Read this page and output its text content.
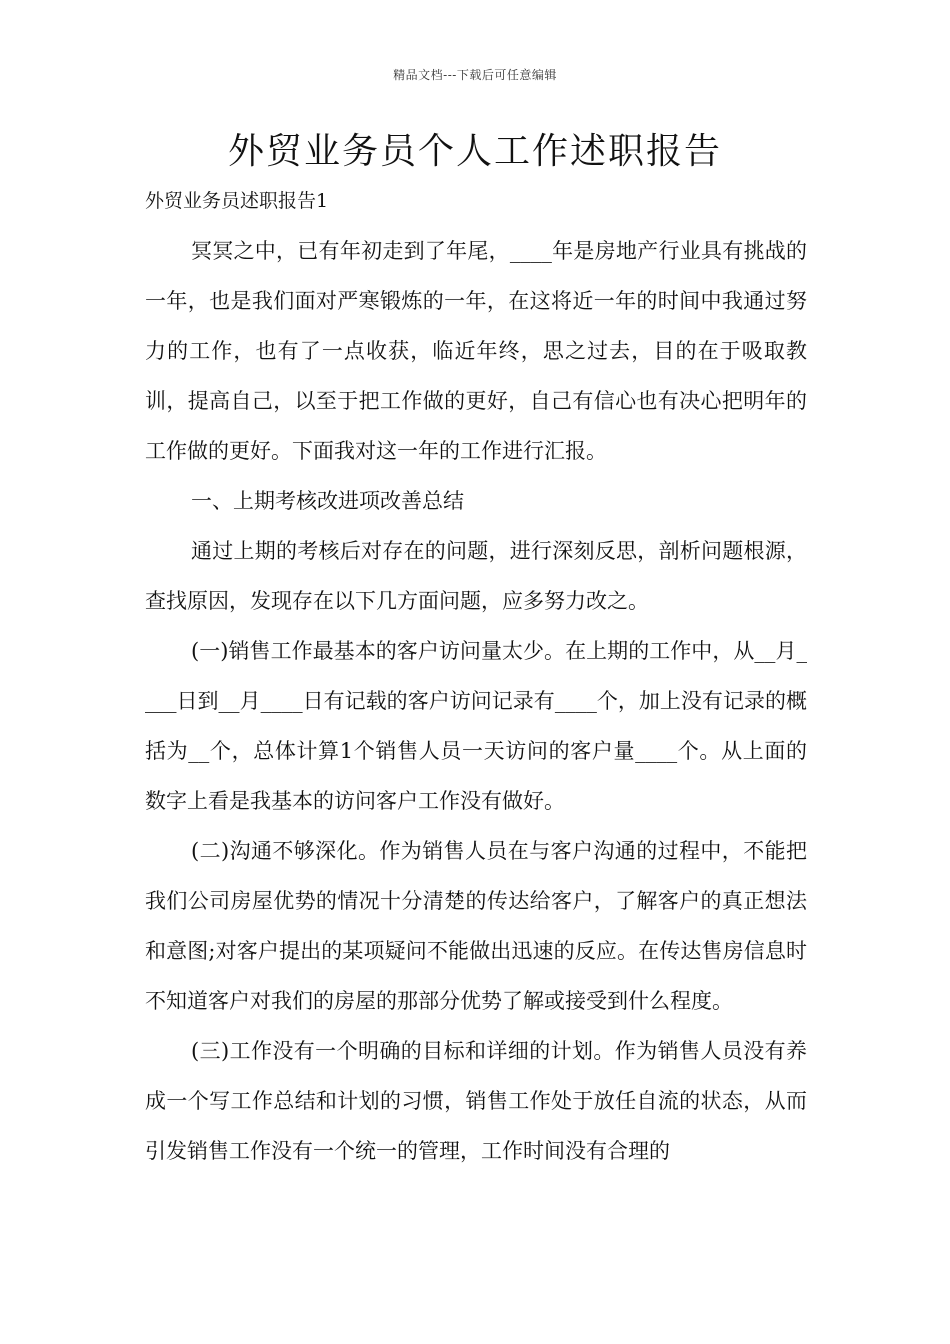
精品文档---下载后可任意编辑
外贸业务员个人工作述职报告
外贸业务员述职报告1

冥冥之中，已有年初走到了年尾，____年是房地产行业具有挑战的一年，也是我们面对严寒锻炼的一年，在这将近一年的时间中我通过努力的工作，也有了一点收获，临近年终，思之过去，目的在于吸取教训，提高自己，以至于把工作做的更好，自己有信心也有决心把明年的工作做的更好。下面我对这一年的工作进行汇报。

一、上期考核改进项改善总结

通过上期的考核后对存在的问题，进行深刻反思，剖析问题根源，查找原因，发现存在以下几方面问题，应多努力改之。

(一)销售工作最基本的客户访问量太少。在上期的工作中，从__月____日到__月____日有记载的客户访问记录有____个，加上没有记录的概括为__个，总体计算1个销售人员一天访问的客户量____个。从上面的数字上看是我基本的访问客户工作没有做好。

(二)沟通不够深化。作为销售人员在与客户沟通的过程中，不能把我们公司房屋优势的情况十分清楚的传达给客户，了解客户的真正想法和意图;对客户提出的某项疑问不能做出迅速的反应。在传达售房信息时不知道客户对我们的房屋的那部分优势了解或接受到什么程度。

(三)工作没有一个明确的目标和详细的计划。作为销售人员没有养成一个写工作总结和计划的习惯，销售工作处于放任自流的状态，从而引发销售工作没有一个统一的管理，工作时间没有合理的
